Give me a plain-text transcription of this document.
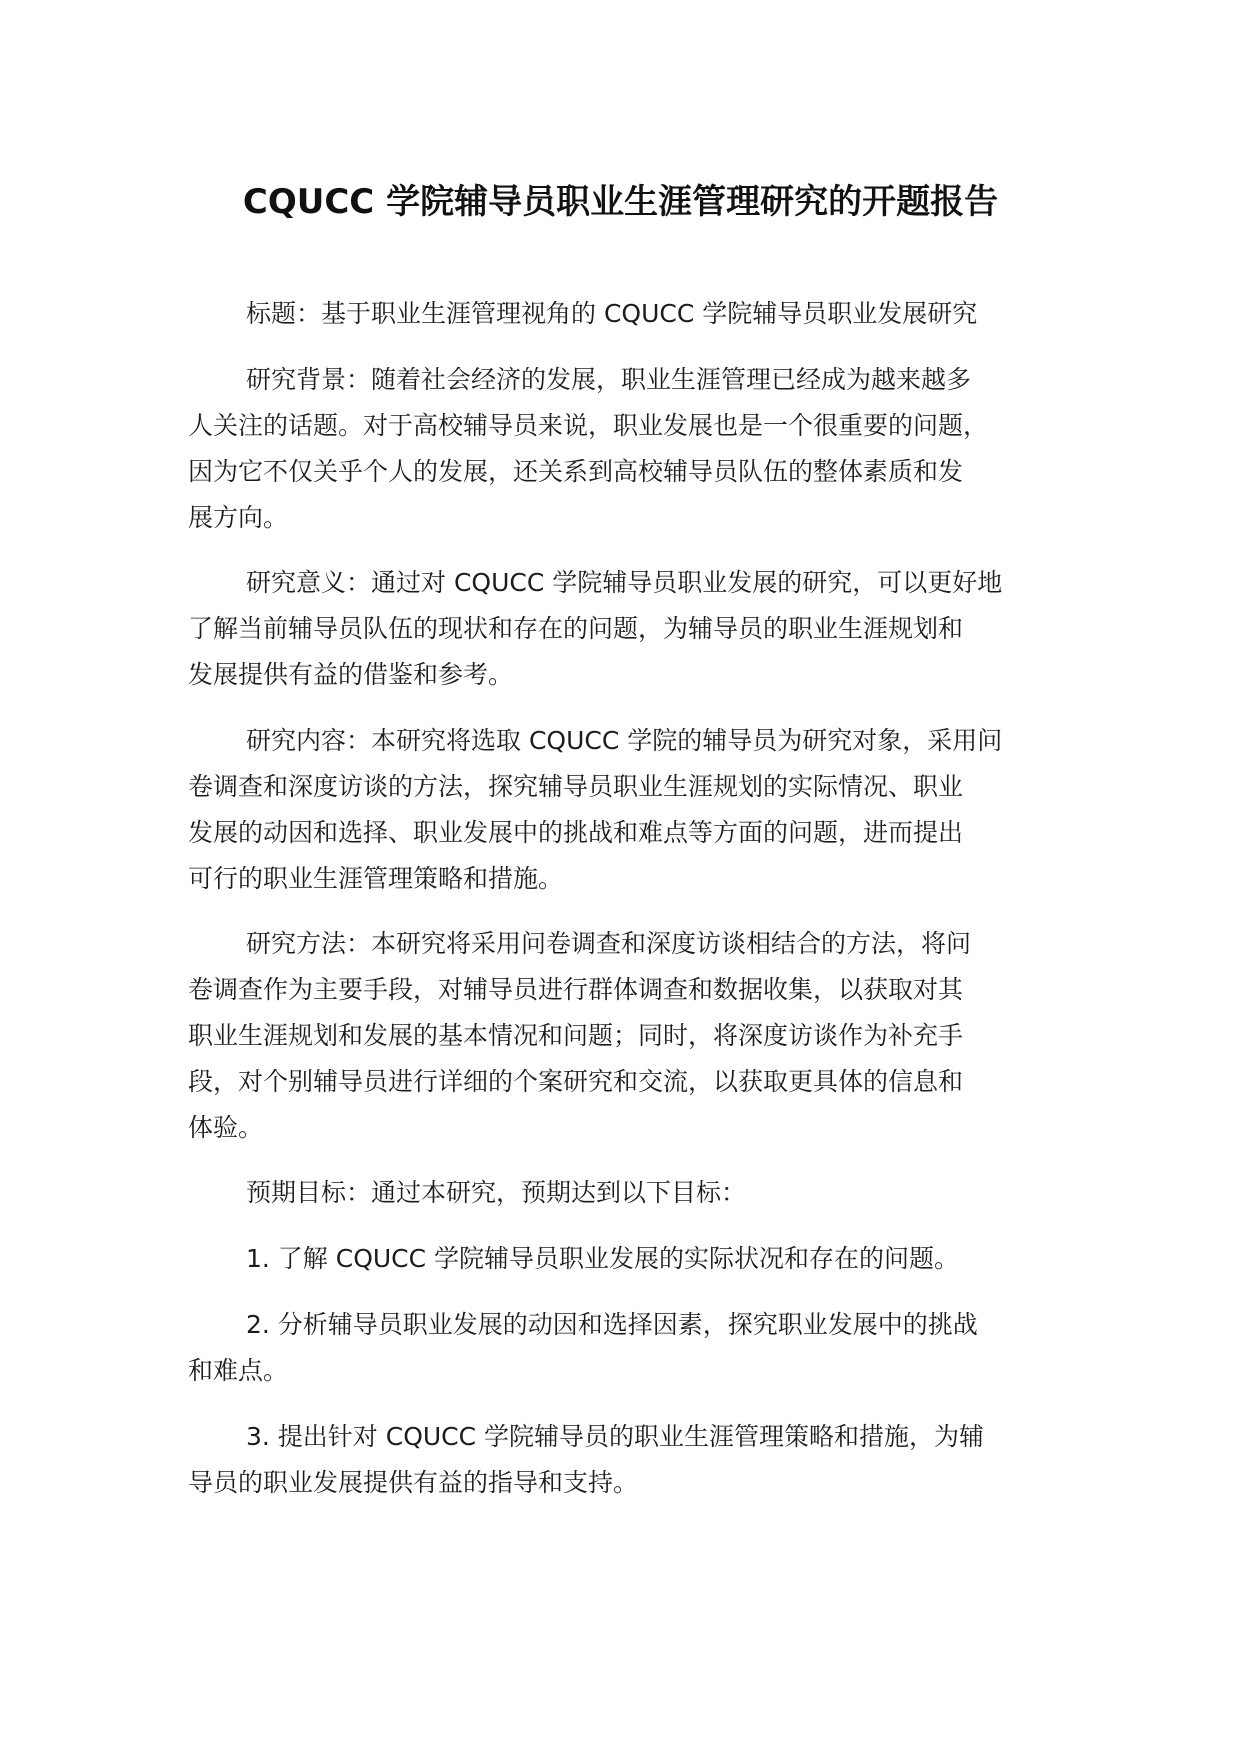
CQUCC 学院辅导员职业生涯管理研究的开题报告

标题：基于职业生涯管理视角的 CQUCC 学院辅导员职业发展研究

研究背景：随着社会经济的发展，职业生涯管理已经成为越来越多
人关注的话题。对于高校辅导员来说，职业发展也是一个很重要的问题，
因为它不仅关乎个人的发展，还关系到高校辅导员队伍的整体素质和发
展方向。

研究意义：通过对 CQUCC 学院辅导员职业发展的研究，可以更好地
了解当前辅导员队伍的现状和存在的问题，为辅导员的职业生涯规划和
发展提供有益的借鉴和参考。

研究内容：本研究将选取 CQUCC 学院的辅导员为研究对象，采用问
卷调查和深度访谈的方法，探究辅导员职业生涯规划的实际情况、职业
发展的动因和选择、职业发展中的挑战和难点等方面的问题，进而提出
可行的职业生涯管理策略和措施。

研究方法：本研究将采用问卷调查和深度访谈相结合的方法，将问
卷调查作为主要手段，对辅导员进行群体调查和数据收集，以获取对其
职业生涯规划和发展的基本情况和问题；同时，将深度访谈作为补充手
段，对个别辅导员进行详细的个案研究和交流，以获取更具体的信息和
体验。

预期目标：通过本研究，预期达到以下目标：

1. 了解 CQUCC 学院辅导员职业发展的实际状况和存在的问题。

2. 分析辅导员职业发展的动因和选择因素，探究职业发展中的挑战
和难点。

3. 提出针对 CQUCC 学院辅导员的职业生涯管理策略和措施，为辅
导员的职业发展提供有益的指导和支持。
